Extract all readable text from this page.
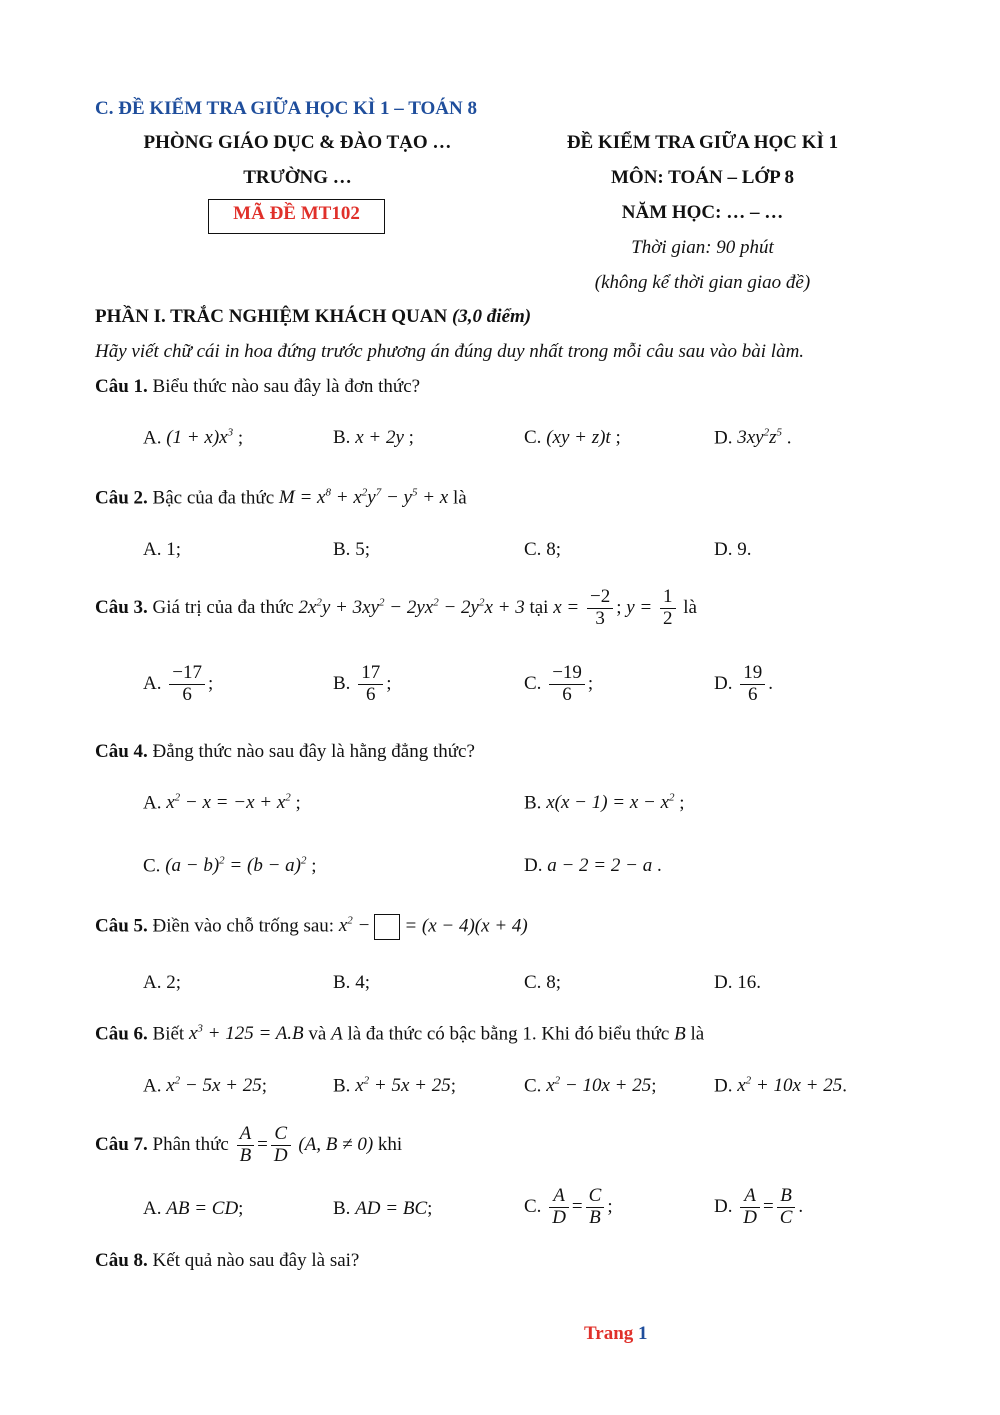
C. ĐỀ KIỂM TRA GIỮA HỌC KÌ 1 – TOÁN 8
PHÒNG GIÁO DỤC & ĐÀO TẠO …
TRƯỜNG …
MÃ ĐỀ MT102
ĐỀ KIỂM TRA GIỮA HỌC KÌ 1
MÔN: TOÁN – LỚP 8
NĂM HỌC: … – …
Thời gian: 90 phút
(không kể thời gian giao đề)
PHẦN I. TRẮC NGHIỆM KHÁCH QUAN (3,0 điểm)
Hãy viết chữ cái in hoa đứng trước phương án đúng duy nhất trong mỗi câu sau vào bài làm.
Câu 1. Biểu thức nào sau đây là đơn thức?
A. $(1 + x)x^3$ ;	B. x + 2y ;	C. (xy + z)t ;	D. $3xy^2z^5$ .
Câu 2. Bậc của đa thức $M = x^8 + x^2y^7 - y^5 + x$ là
A. 1;	B. 5;	C. 8;	D. 9.
Câu 3. Giá trị của đa thức $2x^2y + 3xy^2 - 2yx^2 - 2y^2x + 3$ tại $x = \frac{-2}{3}$ ; $y = \frac{1}{2}$ là
A. $\frac{-17}{6}$ ;	B. $\frac{17}{6}$ ;	C. $\frac{-19}{6}$ ;	D. $\frac{19}{6}$ .
Câu 4. Đẳng thức nào sau đây là hằng đẳng thức?
A. $x^2 - x = -x + x^2$ ;	B. $x(x - 1) = x - x^2$ ;
C. $(a - b)^2 = (b - a)^2$ ;	D. a − 2 = 2 − a .
Câu 5. Điền vào chỗ trống sau: $x^2$ − = (x − 4)(x + 4)
A. 2;	B. 4;	C. 8;	D. 16.
Câu 6. Biết $x^3 + 125 = A.B$ và A là đa thức có bậc bằng 1. Khi đó biểu thức B là
A. $x^2 - 5x + 25$;	B. $x^2 + 5x + 25$;	C. $x^2 - 10x + 25$;	D. $x^2 + 10x + 25$.
Câu 7. Phân thức $\frac{A}{B} = \frac{C}{D} (A$, B ≠ 0) khi
A. AB = CD;	B. AD = BC;	C. $\frac{A}{D} = \frac{C}{B}$ ;	D. $\frac{A}{D} = \frac{B}{C}$ .
Câu 8. Kết quả nào sau đây là sai?
Trang 1
